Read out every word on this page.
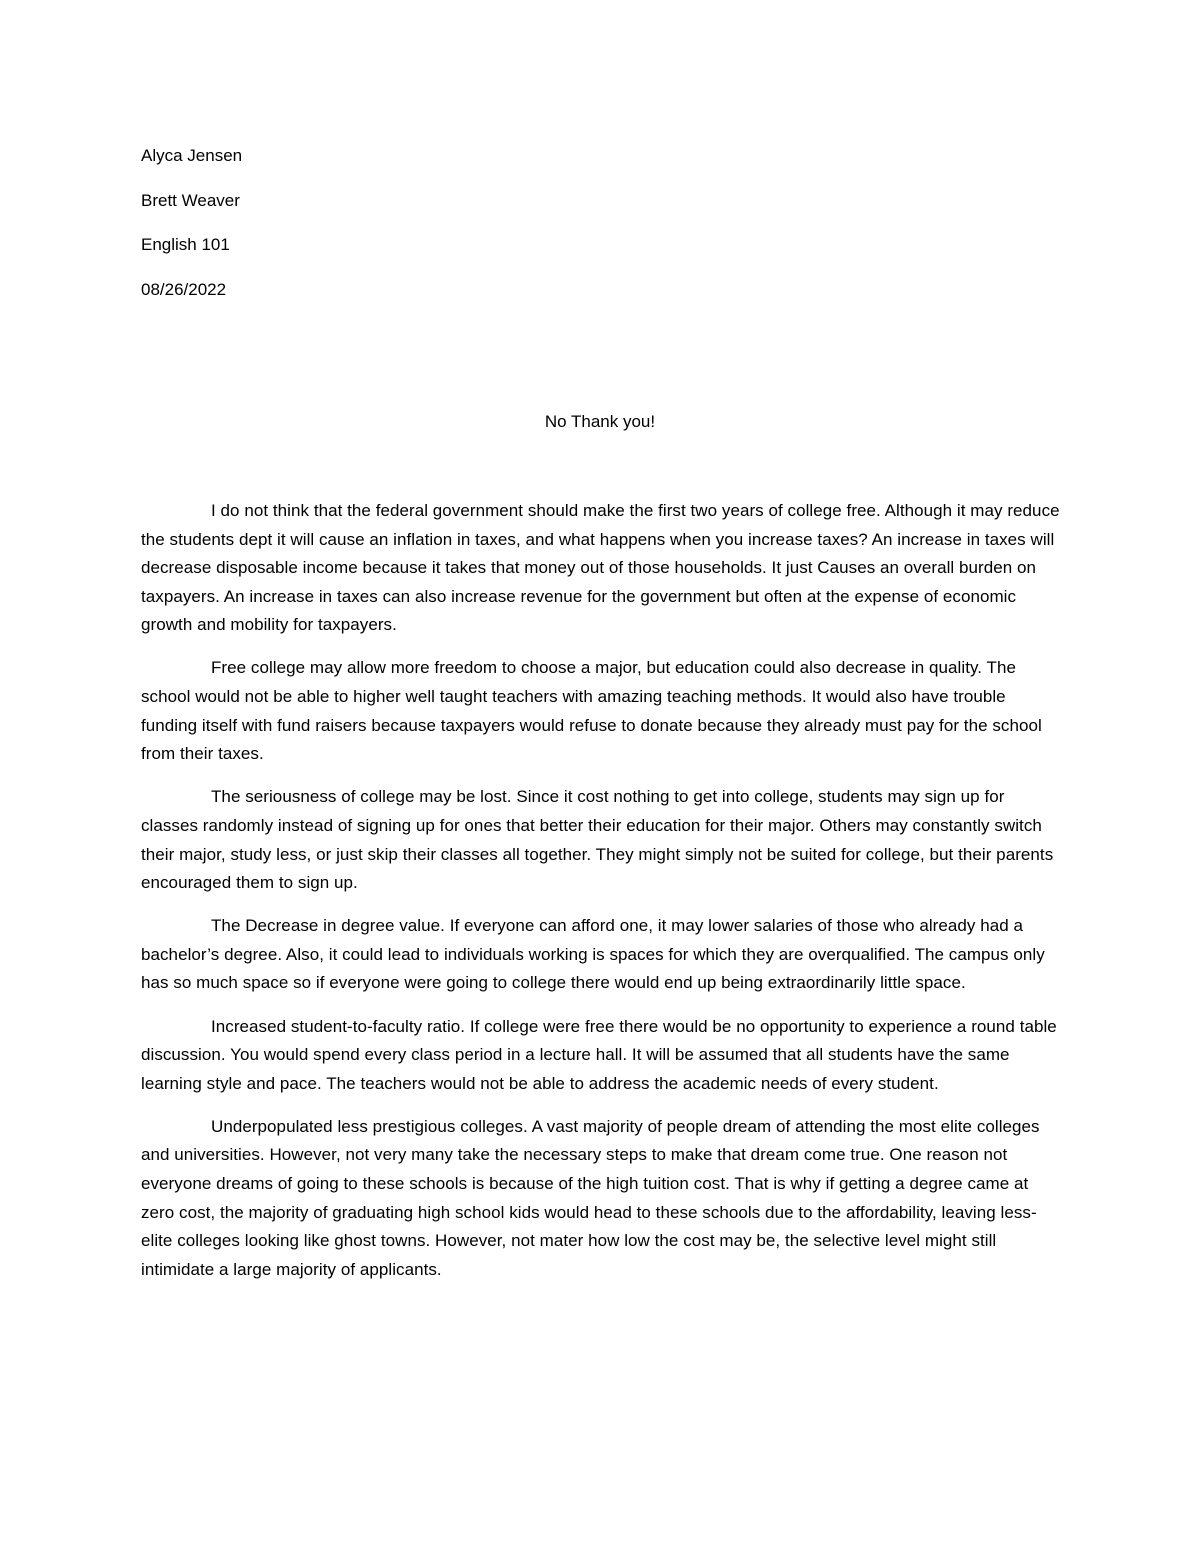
Alyca Jensen
Brett Weaver
English 101
08/26/2022
No Thank you!

I do not think that the federal government should make the first two years of college free. Although it may reduce the students dept it will cause an inflation in taxes, and what happens when you increase taxes? An increase in taxes will decrease disposable income because it takes that money out of those households. It just Causes an overall burden on taxpayers. An increase in taxes can also increase revenue for the government but often at the expense of economic growth and mobility for taxpayers.

Free college may allow more freedom to choose a major, but education could also decrease in quality. The school would not be able to higher well taught teachers with amazing teaching methods. It would also have trouble funding itself with fund raisers because taxpayers would refuse to donate because they already must pay for the school from their taxes.

The seriousness of college may be lost. Since it cost nothing to get into college, students may sign up for classes randomly instead of signing up for ones that better their education for their major. Others may constantly switch their major, study less, or just skip their classes all together. They might simply not be suited for college, but their parents encouraged them to sign up.

The Decrease in degree value. If everyone can afford one, it may lower salaries of those who already had a bachelor’s degree. Also, it could lead to individuals working is spaces for which they are overqualified. The campus only has so much space so if everyone were going to college there would end up being extraordinarily little space.

Increased student-to-faculty ratio. If college were free there would be no opportunity to experience a round table discussion. You would spend every class period in a lecture hall. It will be assumed that all students have the same learning style and pace. The teachers would not be able to address the academic needs of every student.

Underpopulated less prestigious colleges. A vast majority of people dream of attending the most elite colleges and universities. However, not very many take the necessary steps to make that dream come true. One reason not everyone dreams of going to these schools is because of the high tuition cost. That is why if getting a degree came at zero cost, the majority of graduating high school kids would head to these schools due to the affordability, leaving less-elite colleges looking like ghost towns. However, not mater how low the cost may be, the selective level might still intimidate a large majority of applicants.
